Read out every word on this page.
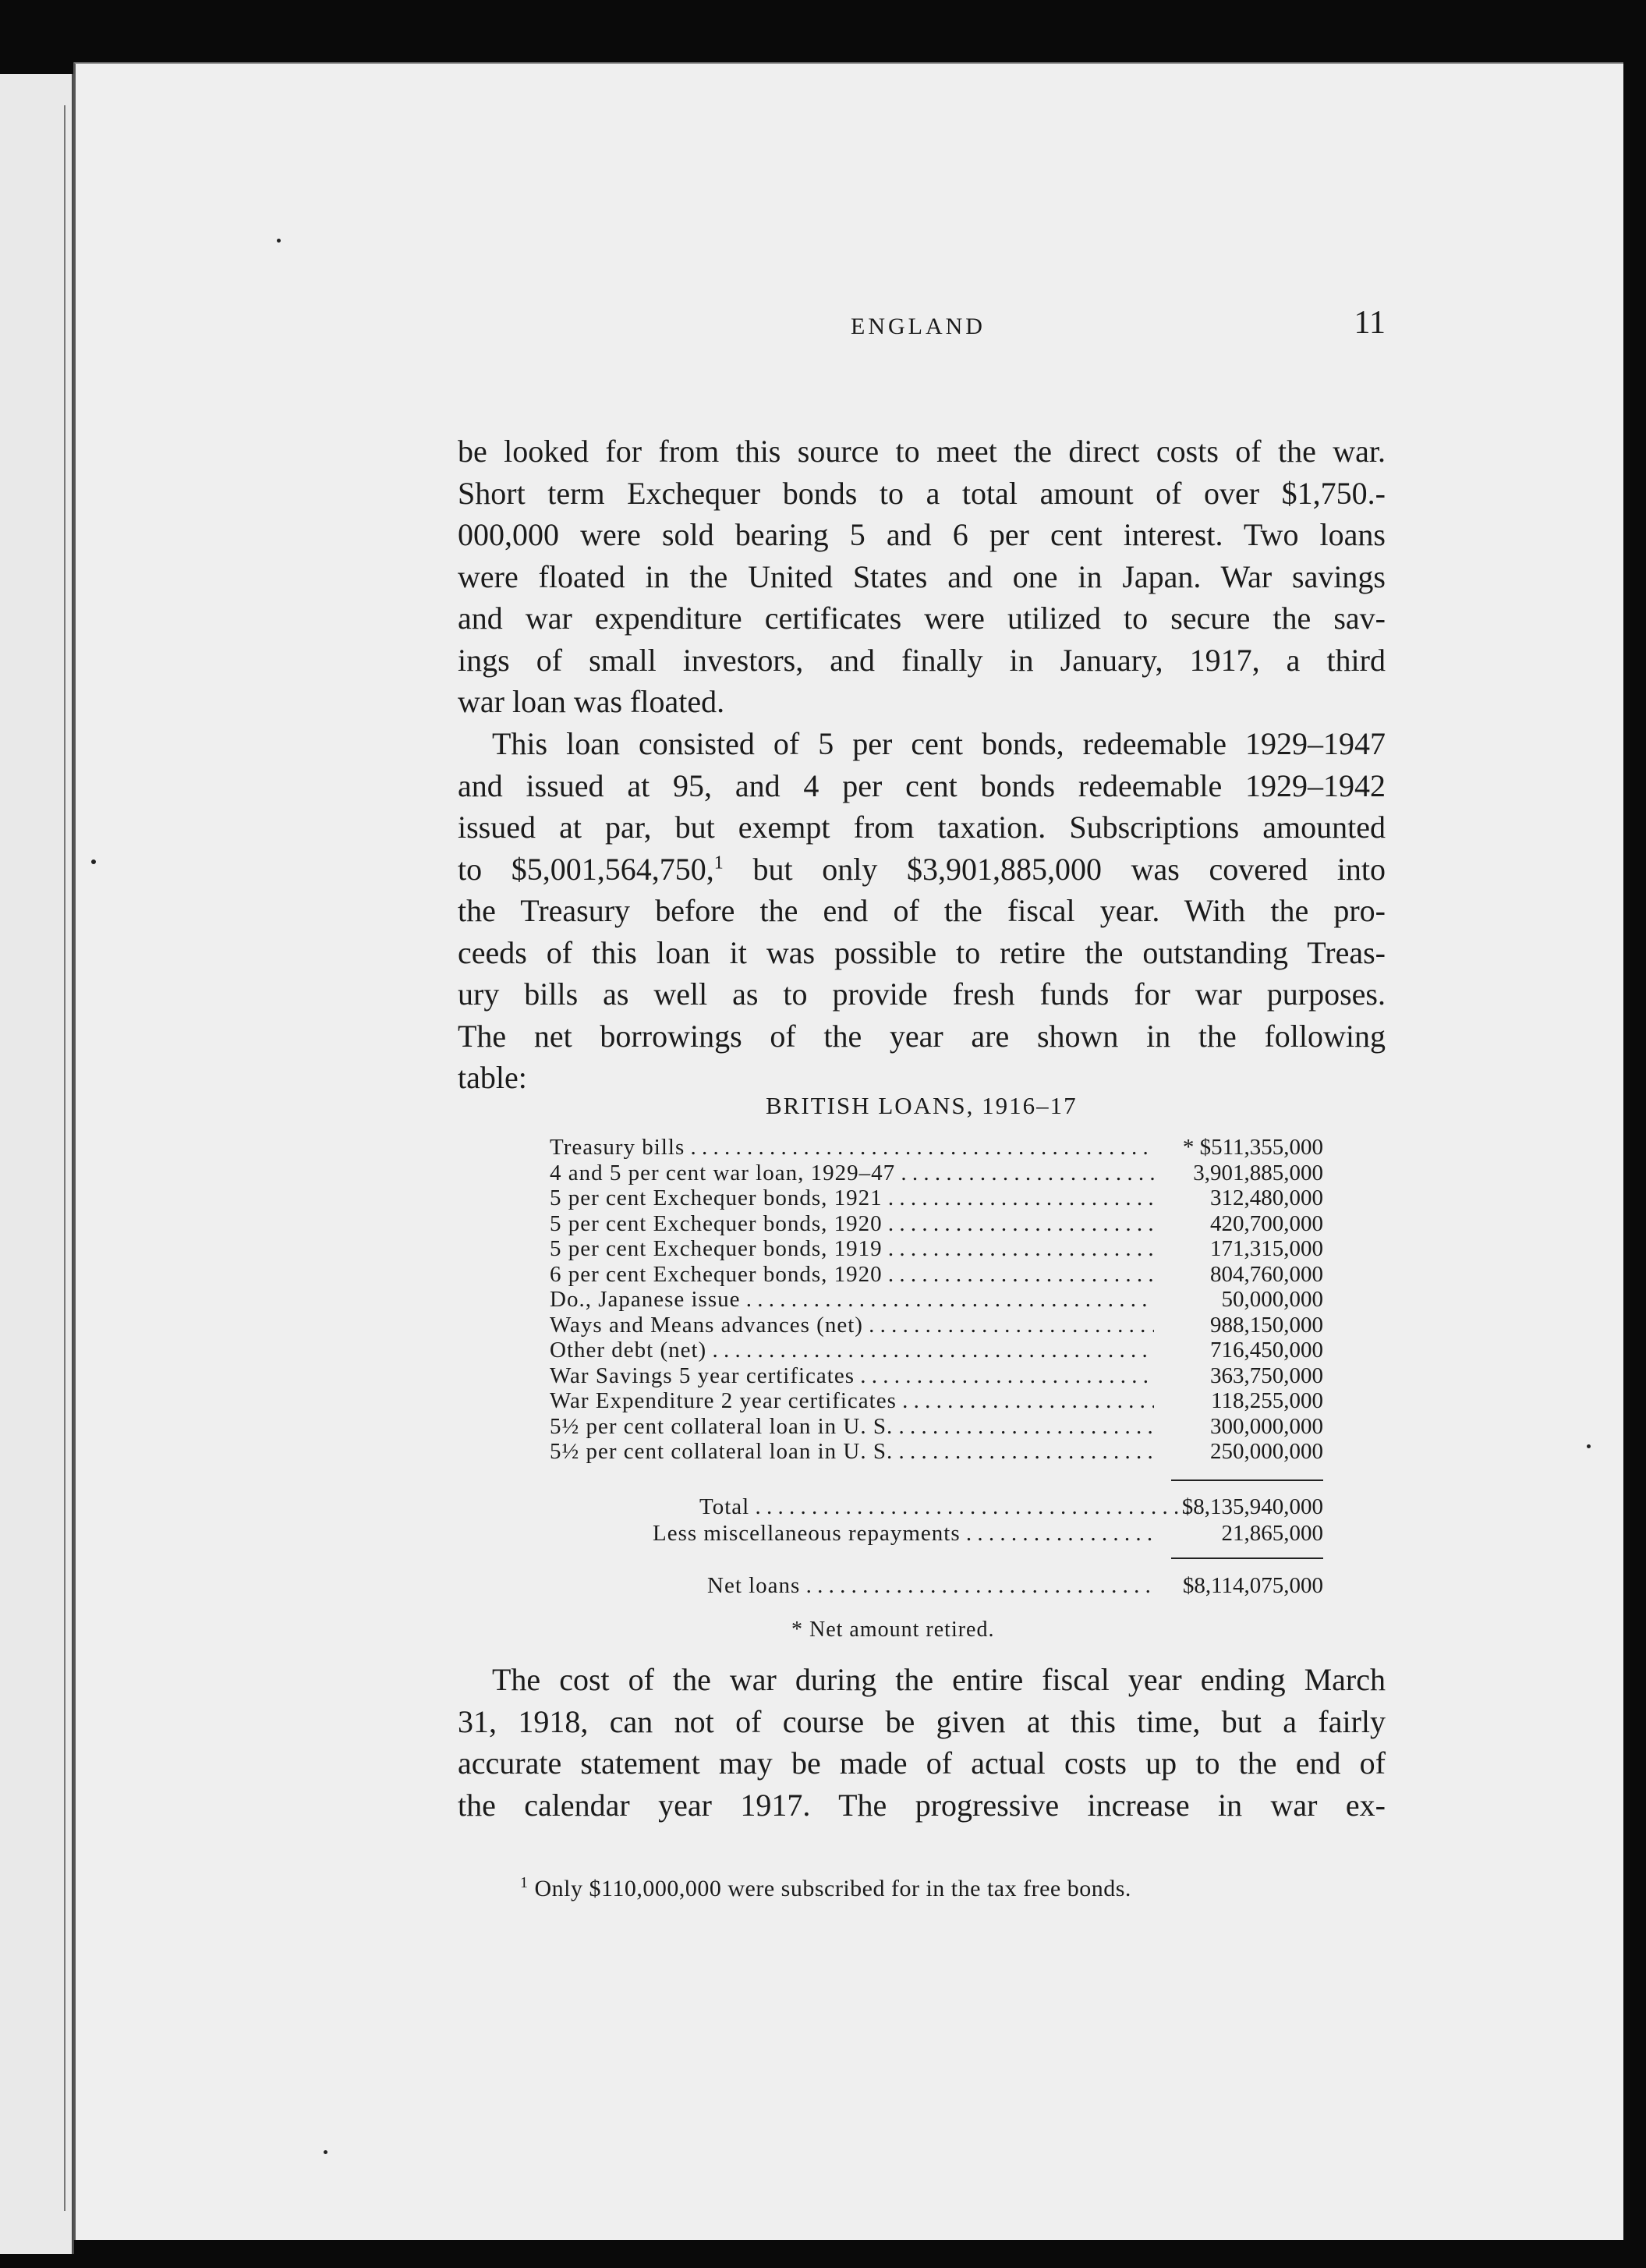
ENGLAND	11

be looked for from this source to meet the direct costs of the war.
Short term Exchequer bonds to a total amount of over $1,750.-
000,000 were sold bearing 5 and 6 per cent interest. Two loans
were floated in the United States and one in Japan. War savings
and war expenditure certificates were utilized to secure the sav-
ings of small investors, and finally in January, 1917, a third
war loan was floated.

This loan consisted of 5 per cent bonds, redeemable 1929–1947
and issued at 95, and 4 per cent bonds redeemable 1929–1942
issued at par, but exempt from taxation. Subscriptions amounted
to $5,001,564,750,$^1$ but only $3,901,885,000 was covered into
the Treasury before the end of the fiscal year. With the pro-
ceeds of this loan it was possible to retire the outstanding Treas-
ury bills as well as to provide fresh funds for war purposes.
The net borrowings of the year are shown in the following
table:

BRITISH LOANS, 1916–17
Treasury bills . . .	* $511,355,000
4 and 5 per cent war loan, 1929–47 . . .	3,901,885,000
5 per cent Exchequer bonds, 1921 . . .	312,480,000
5 per cent Exchequer bonds, 1920 . . .	420,700,000
5 per cent Exchequer bonds, 1919 . . .	171,315,000
6 per cent Exchequer bonds, 1920 . . .	804,760,000
Do., Japanese issue . . .	50,000,000
Ways and Means advances (net) . . .	988,150,000
Other debt (net) . . .	716,450,000
War Savings 5 year certificates . . .	363,750,000
War Expenditure 2 year certificates . . .	118,255,000
5½ per cent collateral loan in U. S. . . .	300,000,000
5½ per cent collateral loan in U. S. . . .	250,000,000
Total . . .	$8,135,940,000
Less miscellaneous repayments . . .	21,865,000
Net loans . . .	$8,114,075,000
* Net amount retired.

The cost of the war during the entire fiscal year ending March
31, 1918, can not of course be given at this time, but a fairly
accurate statement may be made of actual costs up to the end of
the calendar year 1917. The progressive increase in war ex-

$^1$ Only $110,000,000 were subscribed for in the tax free bonds.
